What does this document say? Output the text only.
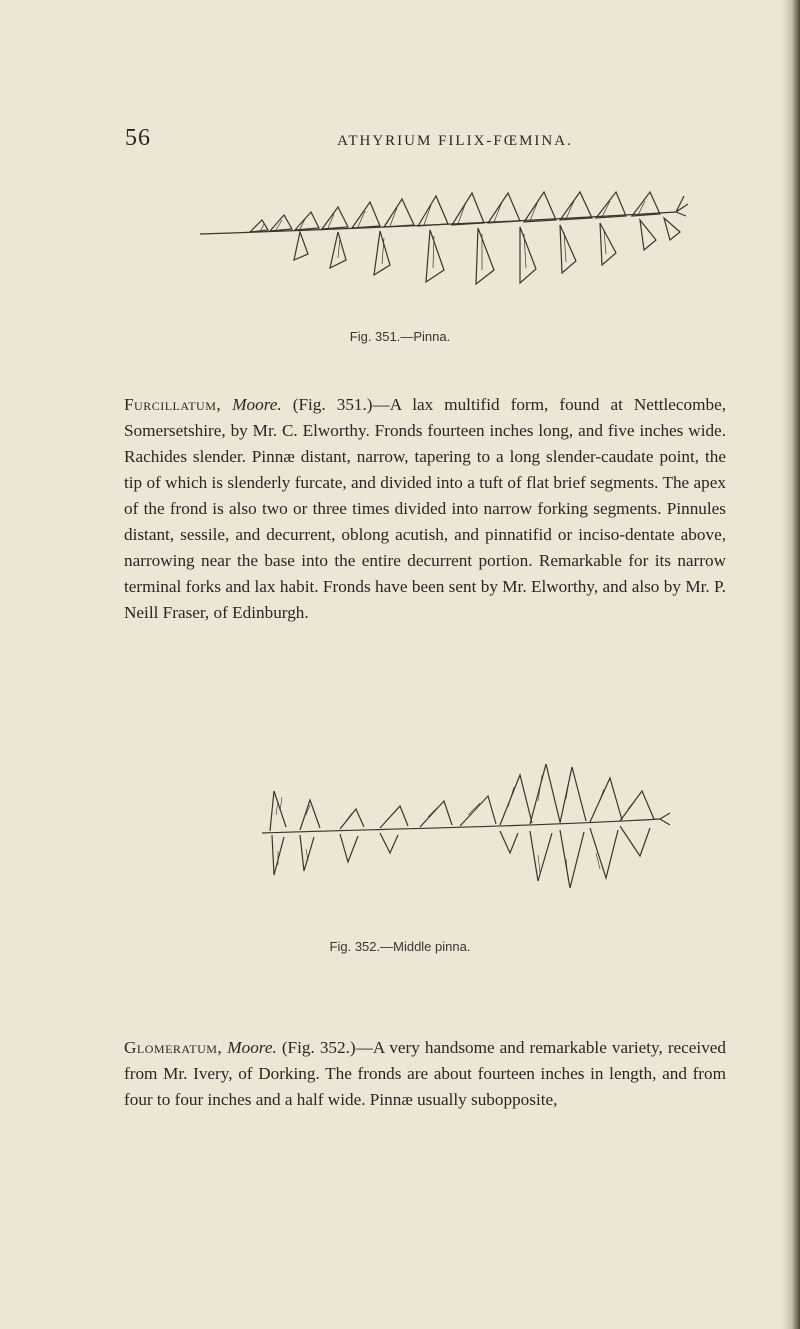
56	ATHYRIUM FILIX-FŒMINA.
Fig. 351.—Pinna.

Furcillatum, Moore. (Fig. 351.)—A lax multifid form, found at Nettlecombe, Somersetshire, by Mr. C. Elworthy. Fronds fourteen inches long, and five inches wide. Rachides slender. Pinnæ distant, narrow, tapering to a long slender-caudate point, the tip of which is slenderly furcate, and divided into a tuft of flat brief segments. The apex of the frond is also two or three times divided into narrow forking segments. Pinnules distant, sessile, and decurrent, oblong acutish, and pinnatifid or inciso-dentate above, narrowing near the base into the entire decurrent portion. Remarkable for its narrow terminal forks and lax habit. Fronds have been sent by Mr. Elworthy, and also by Mr. P. Neill Fraser, of Edinburgh.

Fig. 352.—Middle pinna.

Glomeratum, Moore. (Fig. 352.)—A very handsome and remarkable variety, received from Mr. Ivery, of Dorking. The fronds are about fourteen inches in length, and from four to four inches and a half wide. Pinnæ usually subopposite,
